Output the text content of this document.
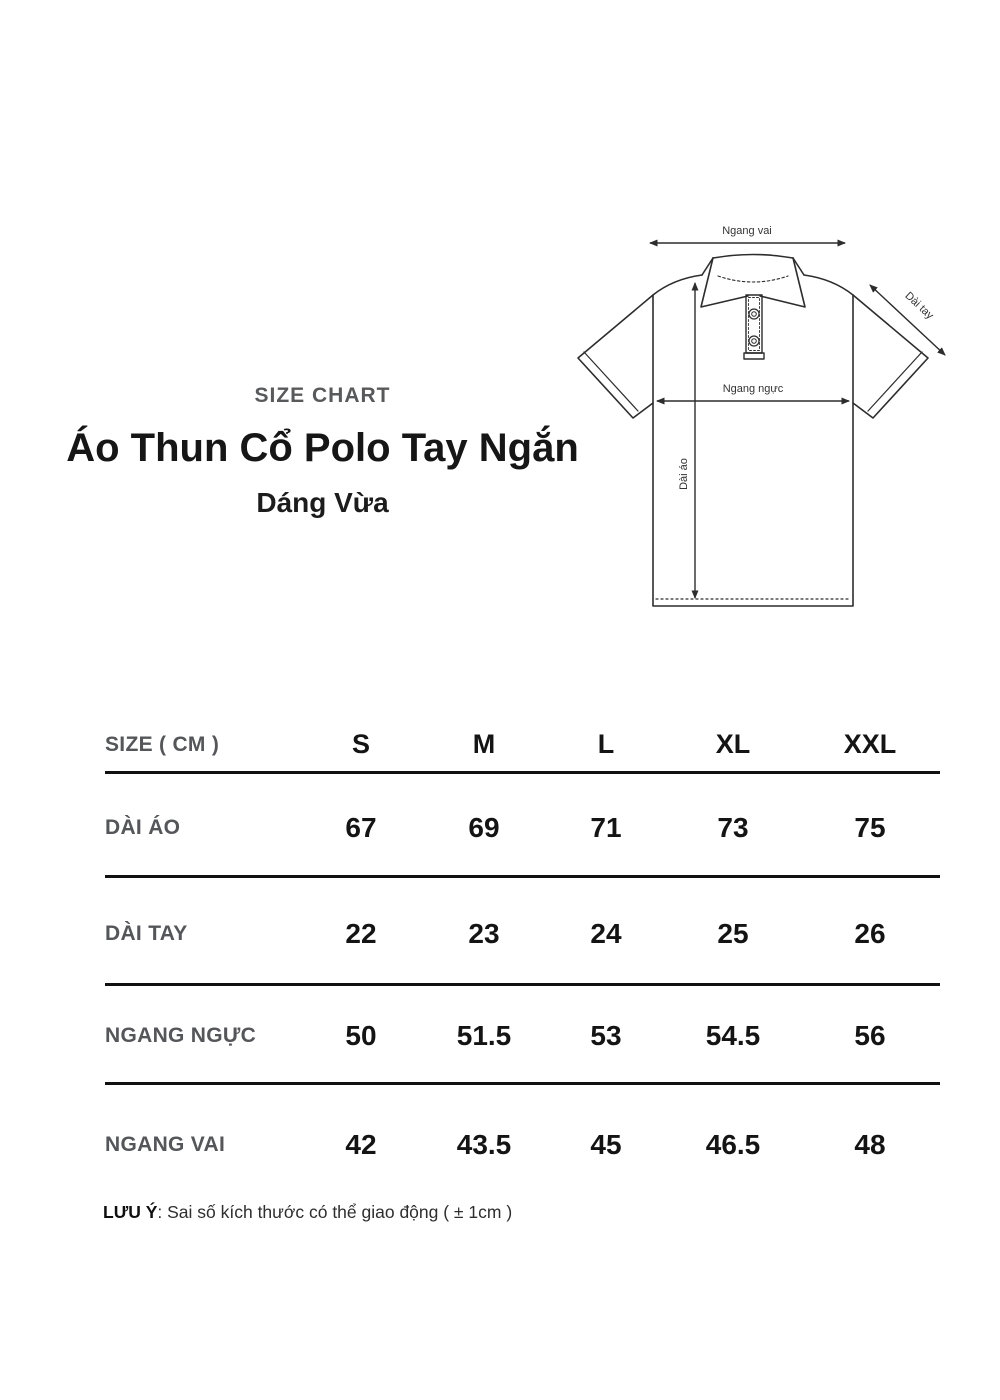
SIZE CHART
Áo Thun Cổ Polo Tay Ngắn
Dáng Vừa
Ngang vai
Dài tay
Ngang ngực
Dài áo
SIZE ( CM )	S	M	L	XL	XXL
DÀI ÁO	67	69	71	73	75
DÀI TAY	22	23	24	25	26
NGANG NGỰC	50	51.5	53	54.5	56
NGANG VAI	42	43.5	45	46.5	48
LƯU Ý: Sai số kích thước có thể giao động ( ± 1cm )
